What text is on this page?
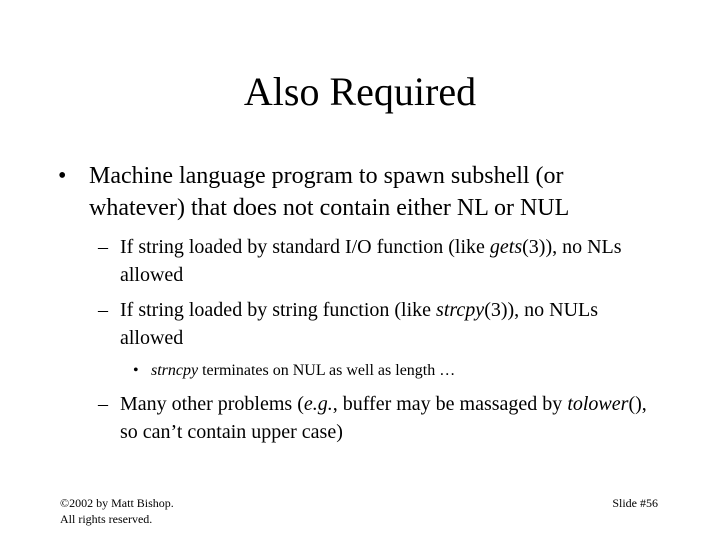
Also Required
• Machine language program to spawn subshell (or whatever) that does not contain either NL or NUL
– If string loaded by standard I/O function (like gets(3)), no NLs allowed
– If string loaded by string function (like strcpy(3)), no NULs allowed
• strncpy terminates on NUL as well as length …
– Many other problems (e.g., buffer may be massaged by tolower(), so can’t contain upper case)
©2002 by Matt Bishop.
All rights reserved.
Slide #56
